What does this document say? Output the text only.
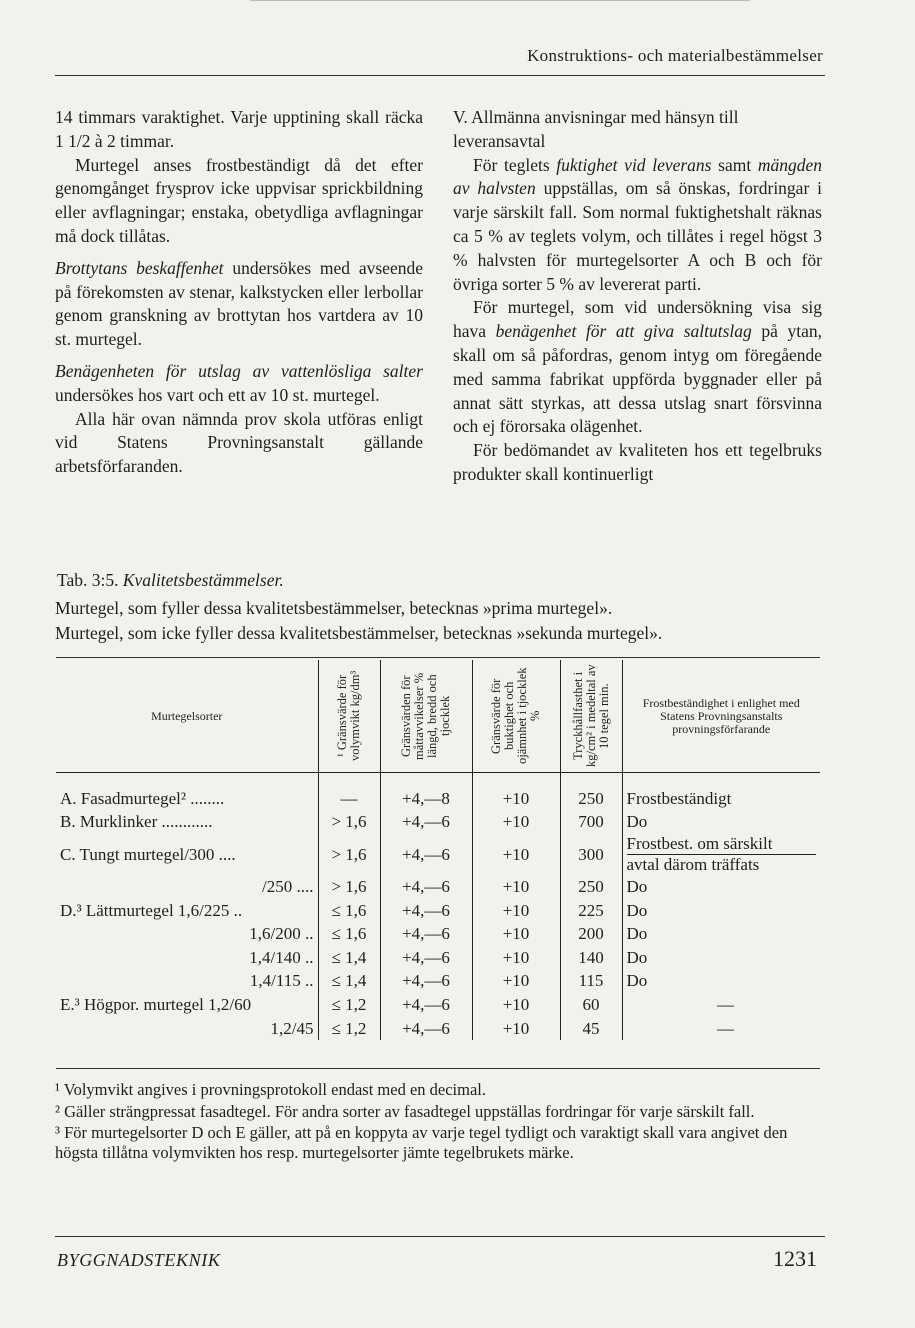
Konstruktions- och materialbestämmelser

14 timmars varaktighet. Varje upptining skall räcka 1 1/2 à 2 timmar.

Murtegel anses frostbeständigt då det efter genomgånget frysprov icke uppvisar sprickbildning eller avflagningar; enstaka, obetydliga avflagningar må dock tillåtas.

Brottytans beskaffenhet undersökes med avseende på förekomsten av stenar, kalkstycken eller lerbollar genom granskning av brottytan hos vartdera av 10 st. murtegel.

Benägenheten för utslag av vattenlösliga salter undersökes hos vart och ett av 10 st. murtegel.

Alla här ovan nämnda prov skola utföras enligt vid Statens Provningsanstalt gällande arbetsförfaranden.

V. Allmänna anvisningar med hänsyn till leveransavtal

För teglets fuktighet vid leverans samt mängden av halvsten uppställas, om så önskas, fordringar i varje särskilt fall. Som normal fuktighetshalt räknas ca 5 % av teglets volym, och tillåtes i regel högst 3 % halvsten för murtegelsorter A och B och för övriga sorter 5 % av levererat parti.

För murtegel, som vid undersökning visa sig hava benägenhet för att giva saltutslag på ytan, skall om så påfordras, genom intyg om föregående med samma fabrikat uppförda byggnader eller på annat sätt styrkas, att dessa utslag snart försvinna och ej förorsaka olägenhet.

För bedömandet av kvaliteten hos ett tegelbruks produkter skall kontinuerligt

Tab. 3:5. Kvalitetsbestämmelser.
Murtegel, som fyller dessa kvalitetsbestämmelser, betecknas »prima murtegel».
Murtegel, som icke fyller dessa kvalitetsbestämmelser, betecknas »sekunda murtegel».
Murtegelsorter	¹ Gränsvärde för volymvikt kg/dm³	Gränsvärden för måttavvikelser % längd, bredd och tjocklek	Gränsvärde för buktighet och ojämnhet i tjocklek %	Tryckhållfasthet i kg/cm² i medeltal av 10 tegel min.	Frostbeständighet i enlighet med Statens Provningsanstalts provningsförfarande
A. Fasadmurtegel² ........	—	+4,—8	+10	250	Frostbeständigt
B. Murklinker ............	> 1,6	+4,—6	+10	700	Do
C. Tungt murtegel/300 ....	> 1,6	+4,—6	+10	300	Frostbest. om särskilt
avtal därom träffats

/250 ....	> 1,6	+4,—6	+10	250	Do
D.³ Lättmurtegel 1,6/225 ..	≤ 1,6	+4,—6	+10	225	Do
1,6/200 ..	≤ 1,6	+4,—6	+10	200	Do
1,4/140 ..	≤ 1,4	+4,—6	+10	140	Do
1,4/115 ..	≤ 1,4	+4,—6	+10	115	Do
E.³ Högpor. murtegel 1,2/60	≤ 1,2	+4,—6	+10	60	—
1,2/45	≤ 1,2	+4,—6	+10	45	—

¹ Volymvikt angives i provningsprotokoll endast med en decimal.

² Gäller strängpressat fasadtegel. För andra sorter av fasadtegel uppställas fordringar för varje särskilt fall.

³ För murtegelsorter D och E gäller, att på en koppyta av varje tegel tydligt och varaktigt skall vara angivet den högsta tillåtna volymvikten hos resp. murtegelsorter jämte tegelbrukets märke.

BYGGNADSTEKNIK	1231
